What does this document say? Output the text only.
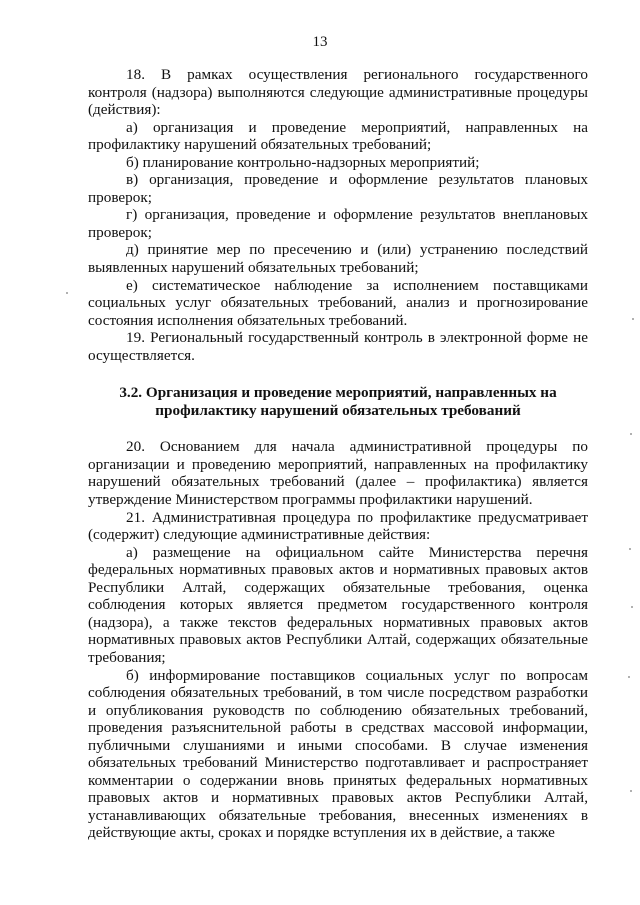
13

18. В рамках осуществления регионального государственного контроля (надзора) выполняются следующие административные процедуры (действия):

а) организация и проведение мероприятий, направленных на профилактику нарушений обязательных требований;

б) планирование контрольно-надзорных мероприятий;

в) организация, проведение и оформление результатов плановых проверок;

г) организация, проведение и оформление результатов внеплановых проверок;

д) принятие мер по пресечению и (или) устранению последствий выявленных нарушений обязательных требований;

е) систематическое наблюдение за исполнением поставщиками социальных услуг обязательных требований, анализ и прогнозирование состояния исполнения обязательных требований.

19. Региональный государственный контроль в электронной форме не осуществляется.

3.2. Организация и проведение мероприятий, направленных на профилактику нарушений обязательных требований

20. Основанием для начала административной процедуры по организации и проведению мероприятий, направленных на профилактику нарушений обязательных требований (далее – профилактика) является утверждение Министерством программы профилактики нарушений.

21. Административная процедура по профилактике предусматривает (содержит) следующие административные действия:

а) размещение на официальном сайте Министерства перечня федеральных нормативных правовых актов и нормативных правовых актов Республики Алтай, содержащих обязательные требования, оценка соблюдения которых является предметом государственного контроля (надзора), а также текстов федеральных нормативных правовых актов нормативных правовых актов Республики Алтай, содержащих обязательные требования;

б) информирование поставщиков социальных услуг по вопросам соблюдения обязательных требований, в том числе посредством разработки и опубликования руководств по соблюдению обязательных требований, проведения разъяснительной работы в средствах массовой информации, публичными слушаниями и иными способами. В случае изменения обязательных требований Министерство подготавливает и распространяет комментарии о содержании вновь принятых федеральных нормативных правовых актов и нормативных правовых актов Республики Алтай, устанавливающих обязательные требования, внесенных изменениях в действующие акты, сроках и порядке вступления их в действие, а также
